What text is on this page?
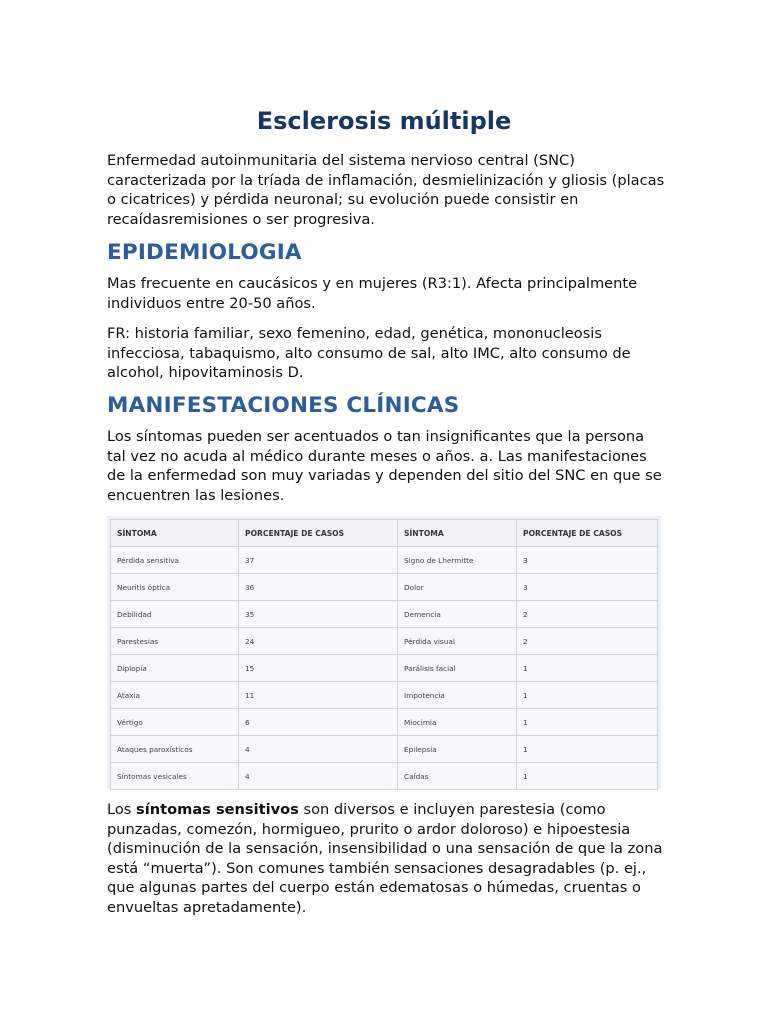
Esclerosis múltiple

Enfermedad autoinmunitaria del sistema nervioso central (SNC) caracterizada por la tríada de inflamación, desmielinización y gliosis (placas o cicatrices) y pérdida neuronal; su evolución puede consistir en recaídasremisiones o ser progresiva.

EPIDEMIOLOGIA

Mas frecuente en caucásicos y en mujeres (R3:1). Afecta principalmente individuos entre 20-50 años.

FR: historia familiar, sexo femenino, edad, genética, mononucleosis infecciosa, tabaquismo, alto consumo de sal, alto IMC, alto consumo de alcohol, hipovitaminosis D.

MANIFESTACIONES CLÍNICAS

Los síntomas pueden ser acentuados o tan insignificantes que la persona tal vez no acuda al médico durante meses o años. a. Las manifestaciones de la enfermedad son muy variadas y dependen del sitio del SNC en que se encuentren las lesiones.

SÍNTOMA	PORCENTAJE DE CASOS	SÍNTOMA	PORCENTAJE DE CASOS
Pérdida sensitiva	37	Signo de Lhermitte	3
Neuritis óptica	36	Dolor	3
Debilidad	35	Demencia	2
Parestesias	24	Pérdida visual	2
Diplopía	15	Parálisis facial	1
Ataxia	11	Impotencia	1
Vértigo	6	Miocimia	1
Ataques paroxísticos	4	Epilepsia	1
Síntomas vesicales	4	Caídas	1

Los síntomas sensitivos son diversos e incluyen parestesia (como punzadas, comezón, hormigueo, prurito o ardor doloroso) e hipoestesia (disminución de la sensación, insensibilidad o una sensación de que la zona está “muerta”). Son comunes también sensaciones desagradables (p. ej., que algunas partes del cuerpo están edematosas o húmedas, cruentas o envueltas apretadamente).
